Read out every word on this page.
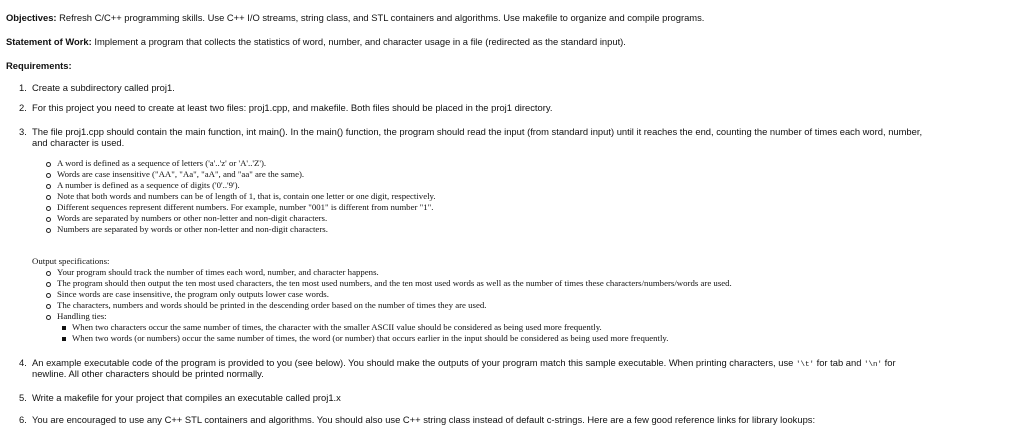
Objectives: Refresh C/C++ programming skills. Use C++ I/O streams, string class, and STL containers and algorithms. Use makefile to organize and compile programs.
Statement of Work: Implement a program that collects the statistics of word, number, and character usage in a file (redirected as the standard input).
Requirements:
1. Create a subdirectory called proj1.
2. For this project you need to create at least two files: proj1.cpp, and makefile. Both files should be placed in the proj1 directory.
3. The file proj1.cpp should contain the main function, int main(). In the main() function, the program should read the input (from standard input) until it reaches the end, counting the number of times each word, number,
and character is used.
A word is defined as a sequence of letters ('a'..'z' or 'A'..'Z').
Words are case insensitive ("AA", "Aa", "aA", and "aa" are the same).
A number is defined as a sequence of digits ('0'..'9').
Note that both words and numbers can be of length of 1, that is, contain one letter or one digit, respectively.
Different sequences represent different numbers. For example, number "001" is different from number "1".
Words are separated by numbers or other non-letter and non-digit characters.
Numbers are separated by words or other non-letter and non-digit characters.
Output specifications:
Your program should track the number of times each word, number, and character happens.
The program should then output the ten most used characters, the ten most used numbers, and the ten most used words as well as the number of times these characters/numbers/words are used.
Since words are case insensitive, the program only outputs lower case words.
The characters, numbers and words should be printed in the descending order based on the number of times they are used.
Handling ties:
When two characters occur the same number of times, the character with the smaller ASCII value should be considered as being used more frequently.
When two words (or numbers) occur the same number of times, the word (or number) that occurs earlier in the input should be considered as being used more frequently.
4. An example executable code of the program is provided to you (see below). You should make the outputs of your program match this sample executable. When printing characters, use '\t' for tab and '\n' for
newline. All other characters should be printed normally.
5. Write a makefile for your project that compiles an executable called proj1.x
6. You are encouraged to use any C++ STL containers and algorithms. You should also use C++ string class instead of default c-strings. Here are a few good reference links for library lookups:
